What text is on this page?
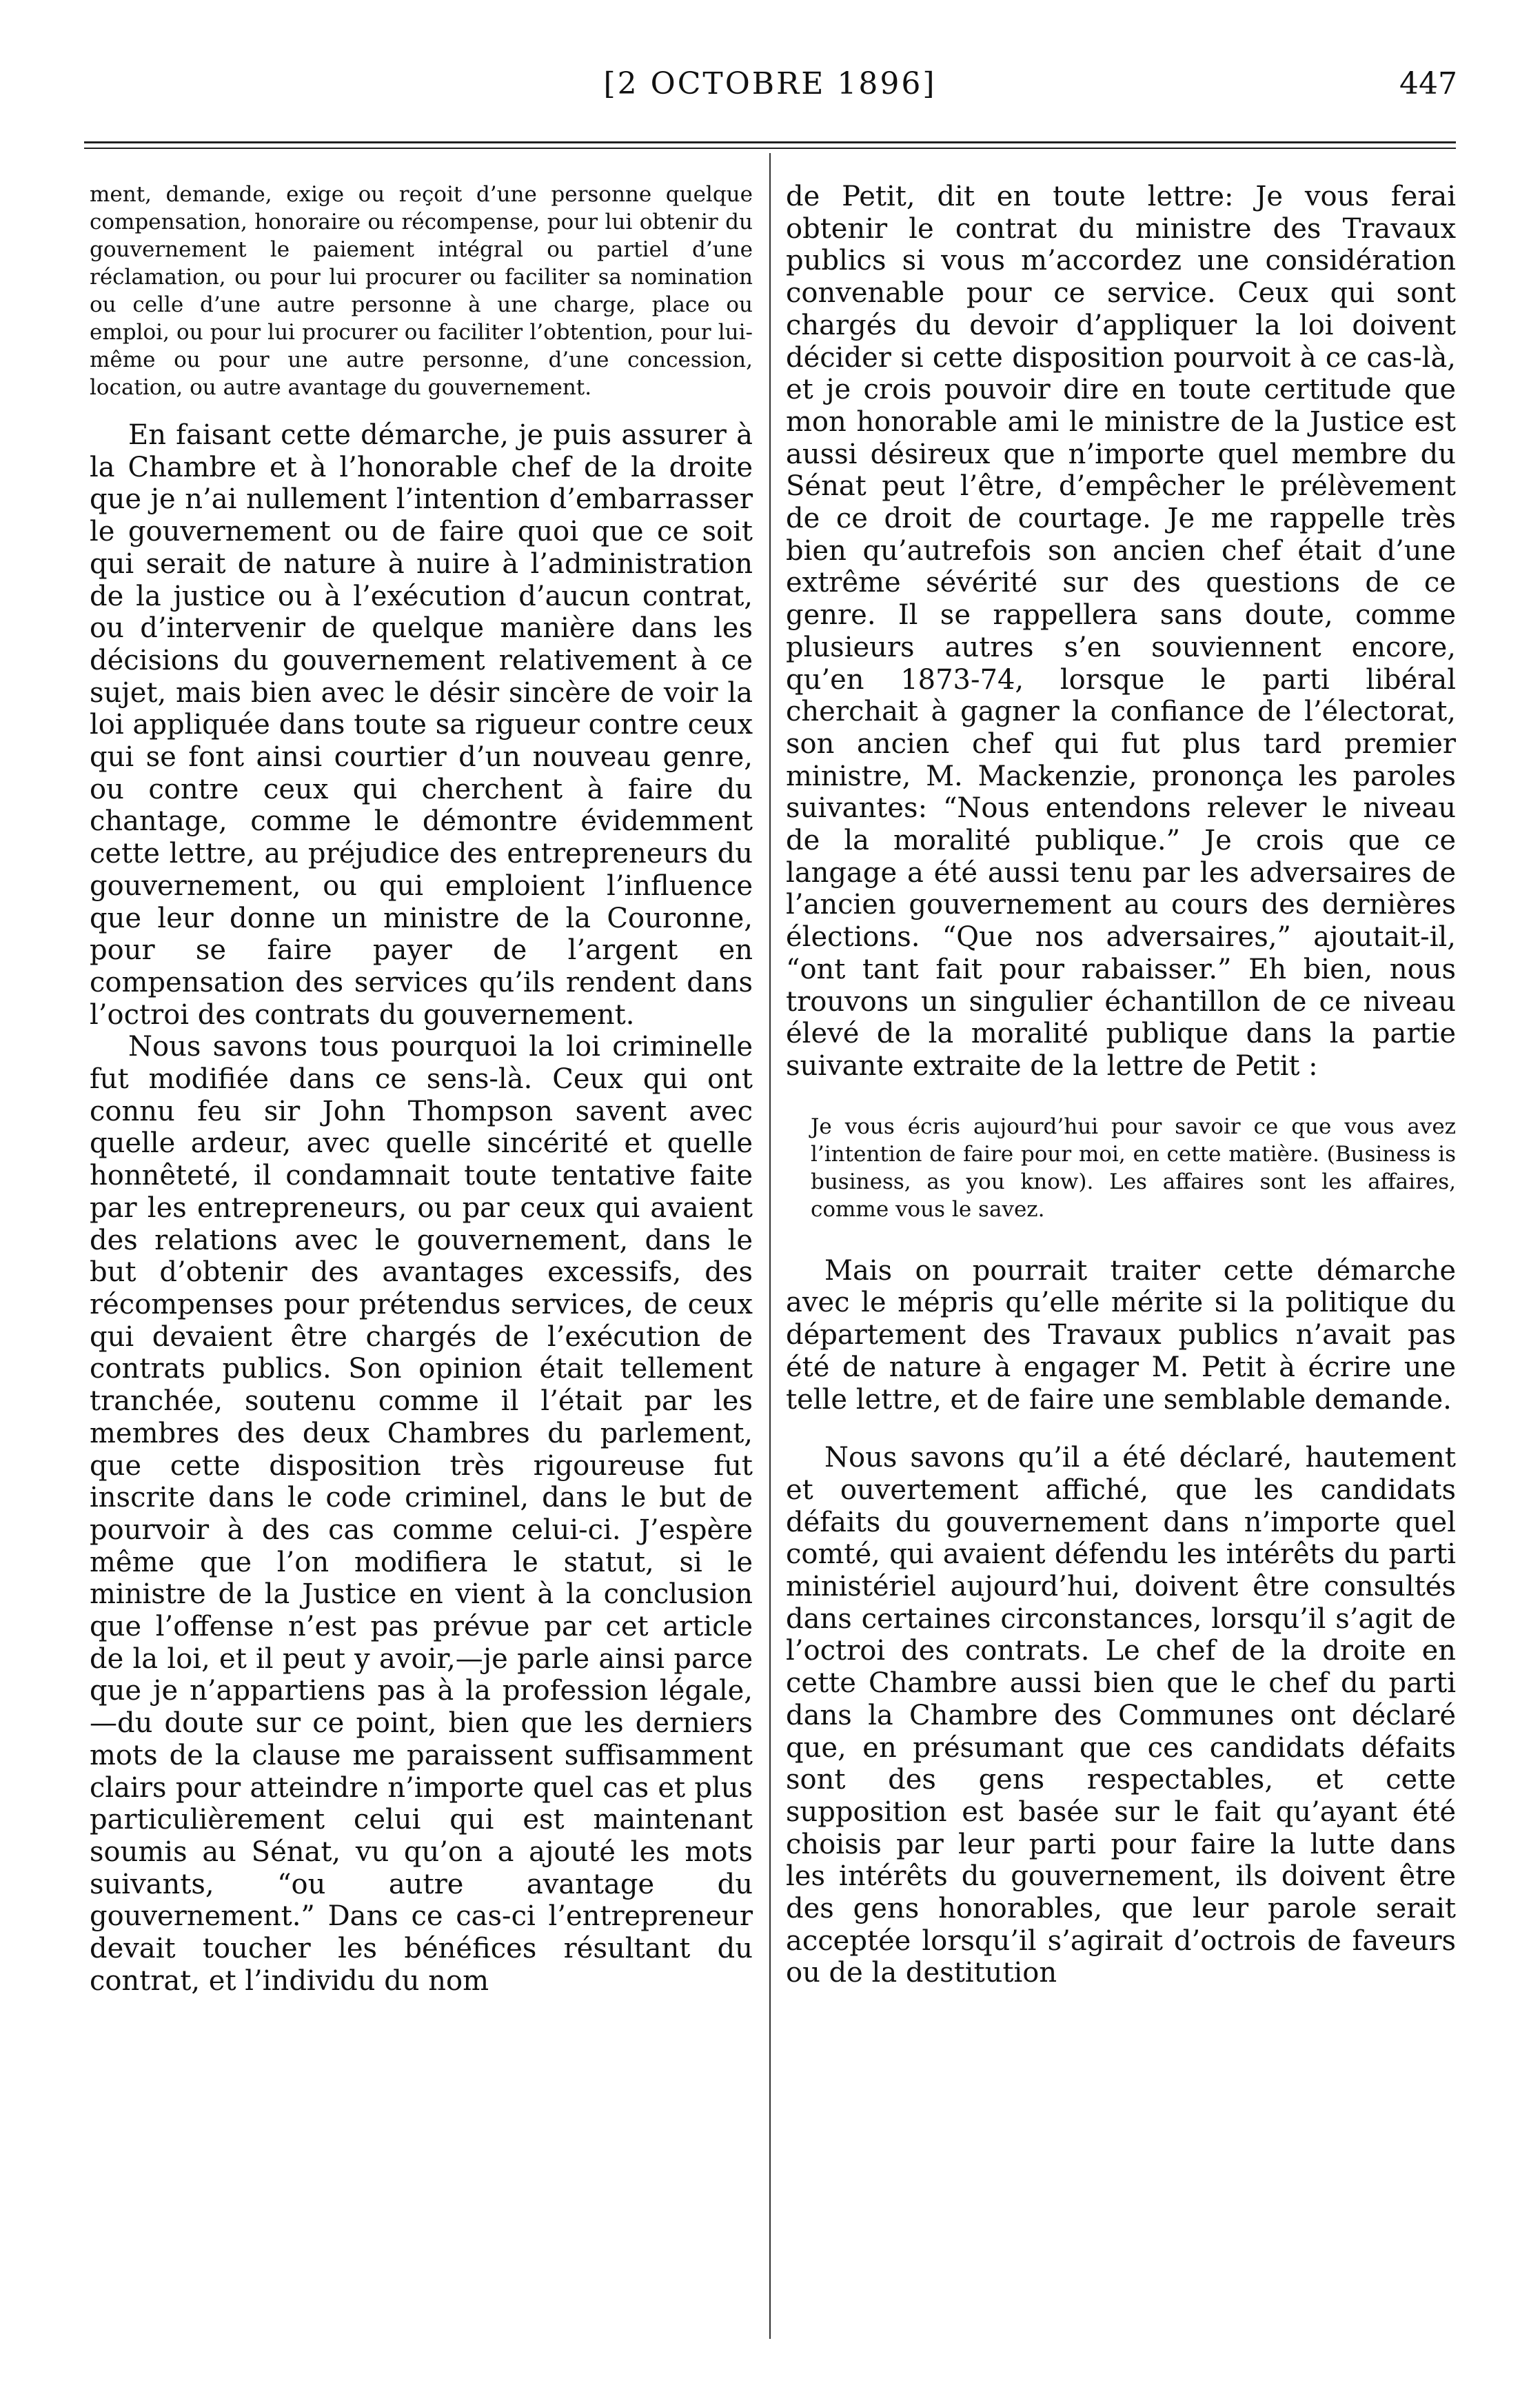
[2 OCTOBRE 1896]	447

ment, demande, exige ou reçoit d’une personne quelque compensation, honoraire ou récompense, pour lui obtenir du gouvernement le paiement intégral ou partiel d’une réclamation, ou pour lui procurer ou faciliter sa nomination ou celle d’une autre personne à une charge, place ou emploi, ou pour lui procurer ou faciliter l’obtention, pour lui-même ou pour une autre personne, d’une concession, location, ou autre avantage du gouvernement.

En faisant cette démarche, je puis assurer à la Chambre et à l’honorable chef de la droite que je n’ai nullement l’intention d’embarrasser le gouvernement ou de faire quoi que ce soit qui serait de nature à nuire à l’administration de la justice ou à l’exécution d’aucun contrat, ou d’intervenir de quelque manière dans les décisions du gouvernement relativement à ce sujet, mais bien avec le désir sincère de voir la loi appliquée dans toute sa rigueur contre ceux qui se font ainsi courtier d’un nouveau genre, ou contre ceux qui cherchent à faire du chantage, comme le démontre évidemment cette lettre, au préjudice des entrepreneurs du gouvernement, ou qui emploient l’influence que leur donne un ministre de la Couronne, pour se faire payer de l’argent en compensation des services qu’ils rendent dans l’octroi des contrats du gouvernement.

Nous savons tous pourquoi la loi criminelle fut modifiée dans ce sens-là. Ceux qui ont connu feu sir John Thompson savent avec quelle ardeur, avec quelle sincérité et quelle honnêteté, il condamnait toute tentative faite par les entrepreneurs, ou par ceux qui avaient des relations avec le gouvernement, dans le but d’obtenir des avantages excessifs, des récompenses pour prétendus services, de ceux qui devaient être chargés de l’exécution de contrats publics. Son opinion était tellement tranchée, soutenu comme il l’était par les membres des deux Chambres du parlement, que cette disposition très rigoureuse fut inscrite dans le code criminel, dans le but de pourvoir à des cas comme celui-ci. J’espère même que l’on modifiera le statut, si le ministre de la Justice en vient à la conclusion que l’offense n’est pas prévue par cet article de la loi, et il peut y avoir,—je parle ainsi parce que je n’appartiens pas à la profession légale,—du doute sur ce point, bien que les derniers mots de la clause me paraissent suffisamment clairs pour atteindre n’importe quel cas et plus particulièrement celui qui est maintenant soumis au Sénat, vu qu’on a ajouté les mots suivants, “ou autre avantage du gouvernement.” Dans ce cas-ci l’entrepreneur devait toucher les bénéfices résultant du contrat, et l’individu du nom

de Petit, dit en toute lettre: Je vous ferai obtenir le contrat du ministre des Travaux publics si vous m’accordez une considération convenable pour ce service. Ceux qui sont chargés du devoir d’appliquer la loi doivent décider si cette disposition pourvoit à ce cas-là, et je crois pouvoir dire en toute certitude que mon honorable ami le ministre de la Justice est aussi désireux que n’importe quel membre du Sénat peut l’être, d’empêcher le prélèvement de ce droit de courtage. Je me rappelle très bien qu’autrefois son ancien chef était d’une extrême sévérité sur des questions de ce genre. Il se rappellera sans doute, comme plusieurs autres s’en souviennent encore, qu’en 1873-74, lorsque le parti libéral cherchait à gagner la confiance de l’électorat, son ancien chef qui fut plus tard premier ministre, M. Mackenzie, prononça les paroles suivantes: “Nous entendons relever le niveau de la moralité publique.” Je crois que ce langage a été aussi tenu par les adversaires de l’ancien gouvernement au cours des dernières élections. “Que nos adversaires,” ajoutait-il, “ont tant fait pour rabaisser.” Eh bien, nous trouvons un singulier échantillon de ce niveau élevé de la moralité publique dans la partie suivante extraite de la lettre de Petit :

Je vous écris aujourd’hui pour savoir ce que vous avez l’intention de faire pour moi, en cette matière. (Business is business, as you know). Les affaires sont les affaires, comme vous le savez.

Mais on pourrait traiter cette démarche avec le mépris qu’elle mérite si la politique du département des Travaux publics n’avait pas été de nature à engager M. Petit à écrire une telle lettre, et de faire une semblable demande.

Nous savons qu’il a été déclaré, hautement et ouvertement affiché, que les candidats défaits du gouvernement dans n’importe quel comté, qui avaient défendu les intérêts du parti ministériel aujourd’hui, doivent être consultés dans certaines circonstances, lorsqu’il s’agit de l’octroi des contrats. Le chef de la droite en cette Chambre aussi bien que le chef du parti dans la Chambre des Communes ont déclaré que, en présumant que ces candidats défaits sont des gens respectables, et cette supposition est basée sur le fait qu’ayant été choisis par leur parti pour faire la lutte dans les intérêts du gouvernement, ils doivent être des gens honorables, que leur parole serait acceptée lorsqu’il s’agirait d’octrois de faveurs ou de la destitution
